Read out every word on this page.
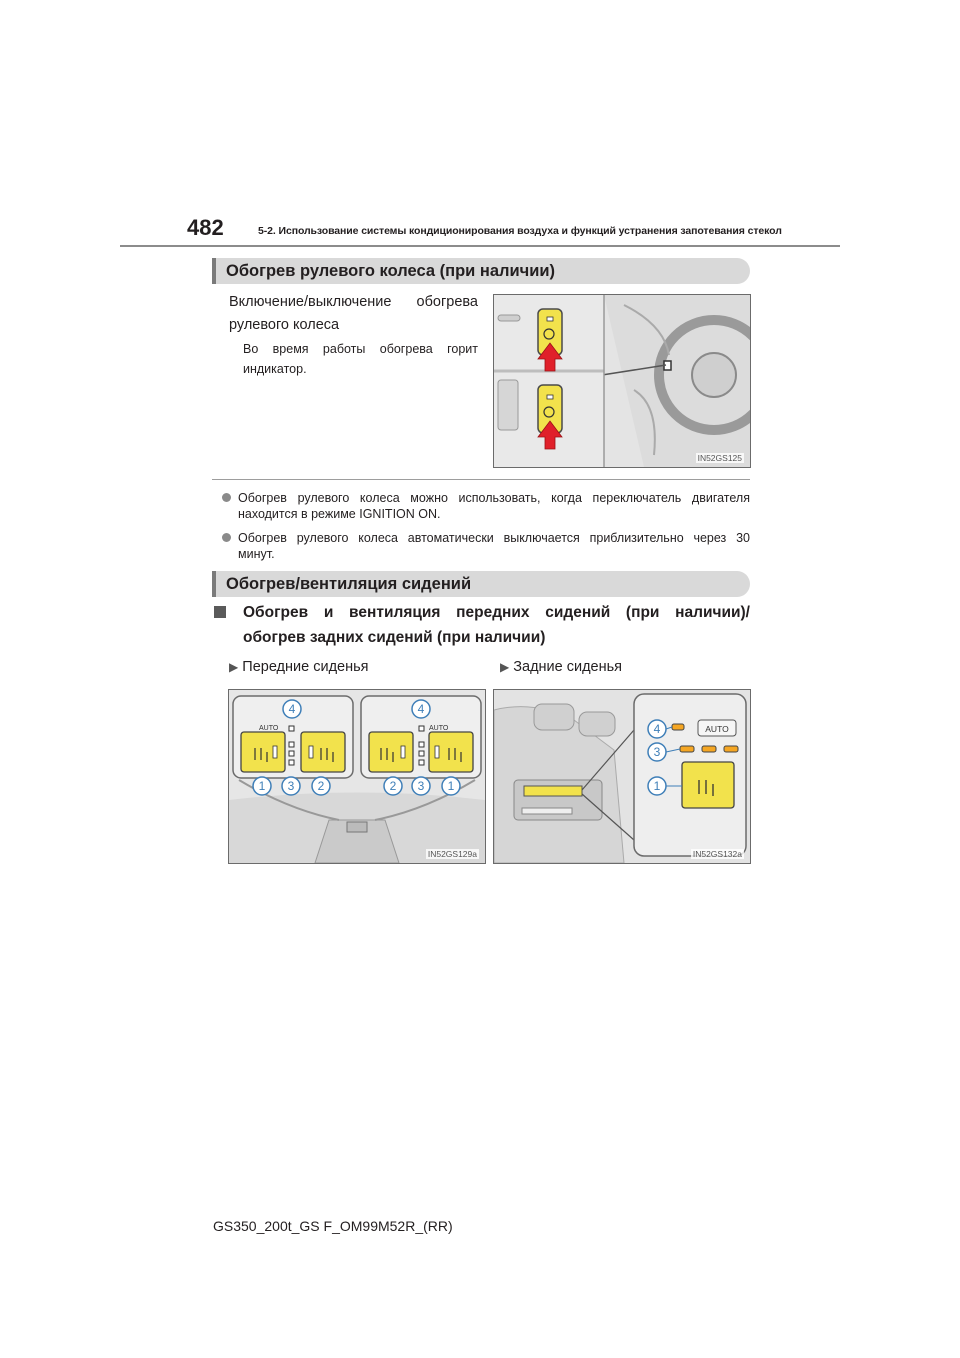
482	5-2. Использование системы кондиционирования воздуха и функций устранения запотевания стекол
Обогрев рулевого колеса (при наличии)
Включение/выключение обогрева
рулевого колеса
Во время работы обогрева горит
индикатор.
IN52GS125
Обогрев рулевого колеса можно использовать, когда переключатель двигателя
находится в режиме IGNITION ON.
Обогрев рулевого колеса автоматически выключается приблизительно через 30
минут.
Обогрев/вентиляция сидений
Обогрев и вентиляция передних сидений (при наличии)/
обогрев задних сидений (при наличии)
▶ Передние сиденья	▶ Задние сиденья
AUTO	AUTO
4	4
1 3 2	2 3 1
IN52GS129a
AUTO
4
3
1
IN52GS132a
GS350_200t_GS F_OM99M52R_(RR)
